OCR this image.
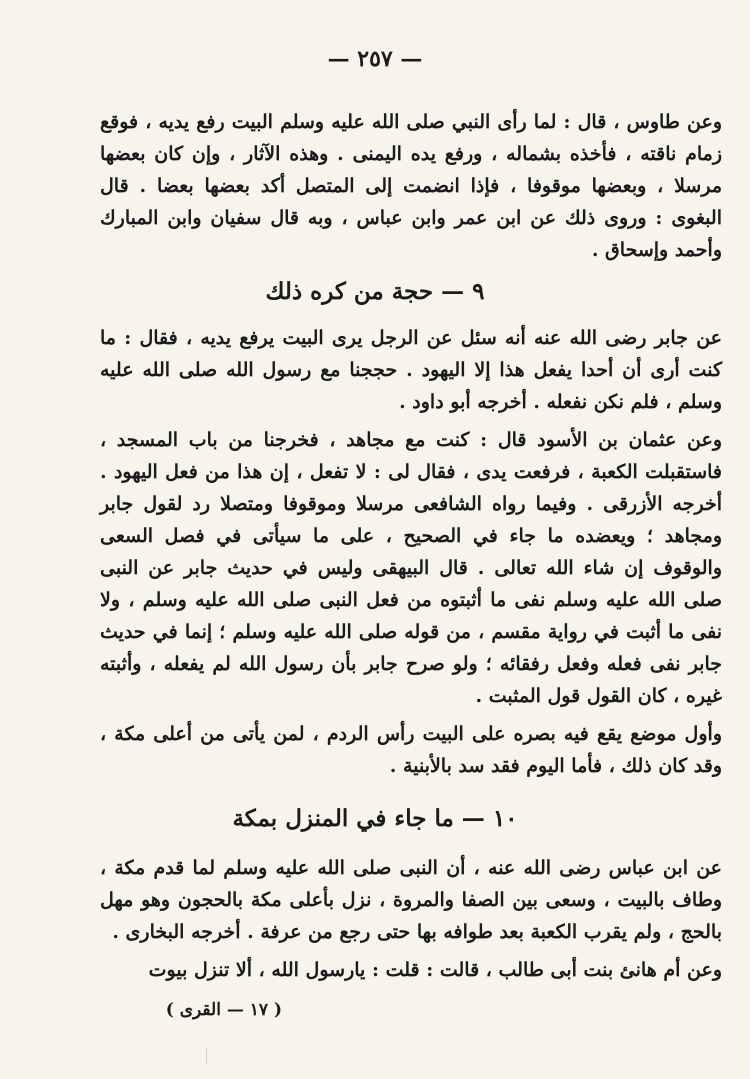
— ٢٥٧ —
وعن طاوس ، قال : لما رأى النبي صلى الله عليه وسلم البيت رفع يديه ، فوقع زمام ناقته ، فأخذه بشماله ، ورفع يده اليمنى . وهذه الآثار ، وإن كان بعضها مرسلا ، وبعضها موقوفا ، فإذا انضمت إلى المتصل أكد بعضها بعضا . قال البغوى : وروى ذلك عن ابن عمر وابن عباس ، وبه قال سفيان وابن المبارك وأحمد وإسحاق .
٩ — حجة من كره ذلك
عن جابر رضى الله عنه أنه سئل عن الرجل يرى البيت يرفع يديه ، فقال : ما كنت أرى أن أحدا يفعل هذا إلا اليهود . حججنا مع رسول الله صلى الله عليه وسلم ، فلم نكن نفعله . أخرجه أبو داود .
وعن عثمان بن الأسود قال : كنت مع مجاهد ، فخرجنا من باب المسجد ، فاستقبلت الكعبة ، فرفعت يدى ، فقال لى : لا تفعل ، إن هذا من فعل اليهود . أخرجه الأزرقى . وفيما رواه الشافعى مرسلا وموقوفا ومتصلا رد لقول جابر ومجاهد ؛ ويعضده ما جاء في الصحيح ، على ما سيأتى في فصل السعى والوقوف إن شاء الله تعالى . قال البيهقى وليس في حديث جابر عن النبى صلى الله عليه وسلم نفى ما أثبتوه من فعل النبى صلى الله عليه وسلم ، ولا نفى ما أثبت في رواية مقسم ، من قوله صلى الله عليه وسلم ؛ إنما في حديث جابر نفى فعله وفعل رفقائه ؛ ولو صرح جابر بأن رسول الله لم يفعله ، وأثبته غيره ، كان القول قول المثبت .
وأول موضع يقع فيه بصره على البيت رأس الردم ، لمن يأتى من أعلى مكة ، وقد كان ذلك ، فأما اليوم فقد سد بالأبنية .
١٠ — ما جاء في المنزل بمكة
عن ابن عباس رضى الله عنه ، أن النبى صلى الله عليه وسلم لما قدم مكة ، وطاف بالبيت ، وسعى بين الصفا والمروة ، نزل بأعلى مكة بالحجون وهو مهل بالحج ، ولم يقرب الكعبة بعد طوافه بها حتى رجع من عرفة . أخرجه البخارى .
وعن أم هانئ بنت أبى طالب ، قالت : قلت : يارسول الله ، ألا تنزل بيوت
( ١٧ — القرى )
